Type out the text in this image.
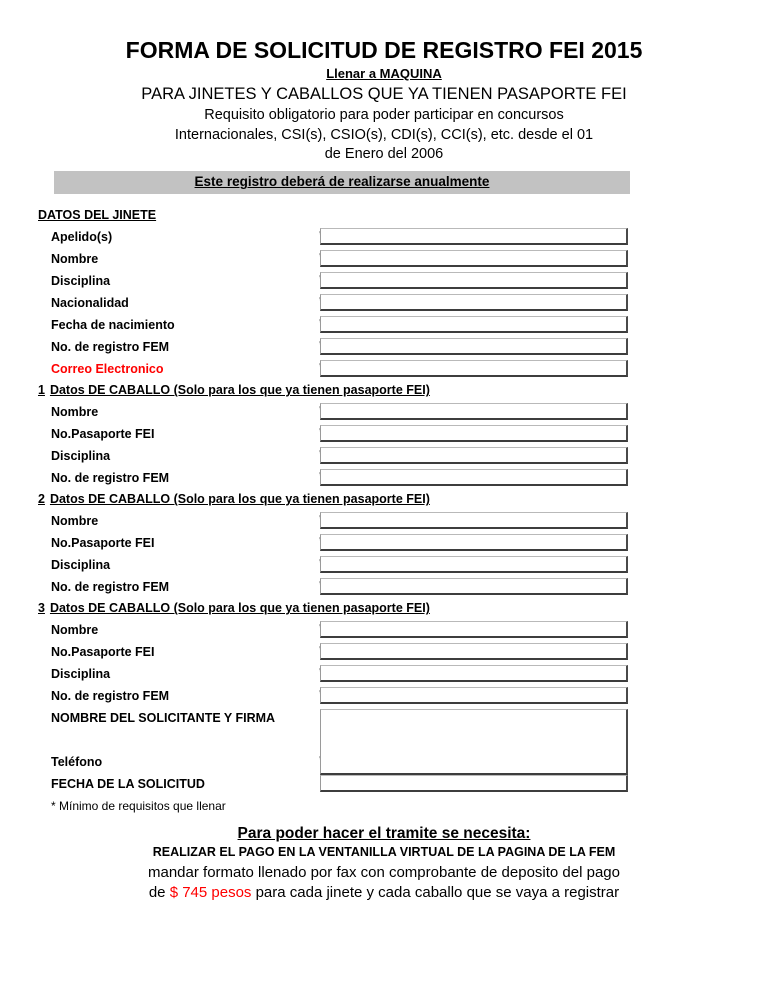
FORMA DE SOLICITUD DE REGISTRO FEI 2015
Llenar a MAQUINA
PARA JINETES Y CABALLOS QUE YA TIENEN PASAPORTE FEI
Requisito obligatorio para poder participar en concursos
Internacionales, CSI(s), CSIO(s), CDI(s), CCI(s), etc. desde el 01
de Enero del 2006
Este registro deberá de realizarse anualmente
DATOS DEL JINETE
Apelido(s)
Nombre
Disciplina
Nacionalidad
Fecha de nacimiento
No. de registro FEM
Correo Electronico
1 Datos DE CABALLO (Solo para los que ya tienen pasaporte FEI)
Nombre
No.Pasaporte FEI
Disciplina
No. de registro FEM
2 Datos DE CABALLO (Solo para los que ya tienen pasaporte FEI)
Nombre
No.Pasaporte FEI
Disciplina
No. de registro FEM
3 Datos DE CABALLO (Solo para los que ya tienen pasaporte FEI)
Nombre
No.Pasaporte FEI
Disciplina
No. de registro FEM
NOMBRE DEL SOLICITANTE Y FIRMA
Teléfono
FECHA DE LA SOLICITUD
* Mínimo de requisitos que llenar
Para poder hacer el tramite se necesita:
REALIZAR EL PAGO EN LA VENTANILLA VIRTUAL DE LA PAGINA DE LA FEM
mandar formato llenado por fax con comprobante de deposito del pago
de $ 745 pesos para cada jinete y cada caballo que se vaya a registrar
